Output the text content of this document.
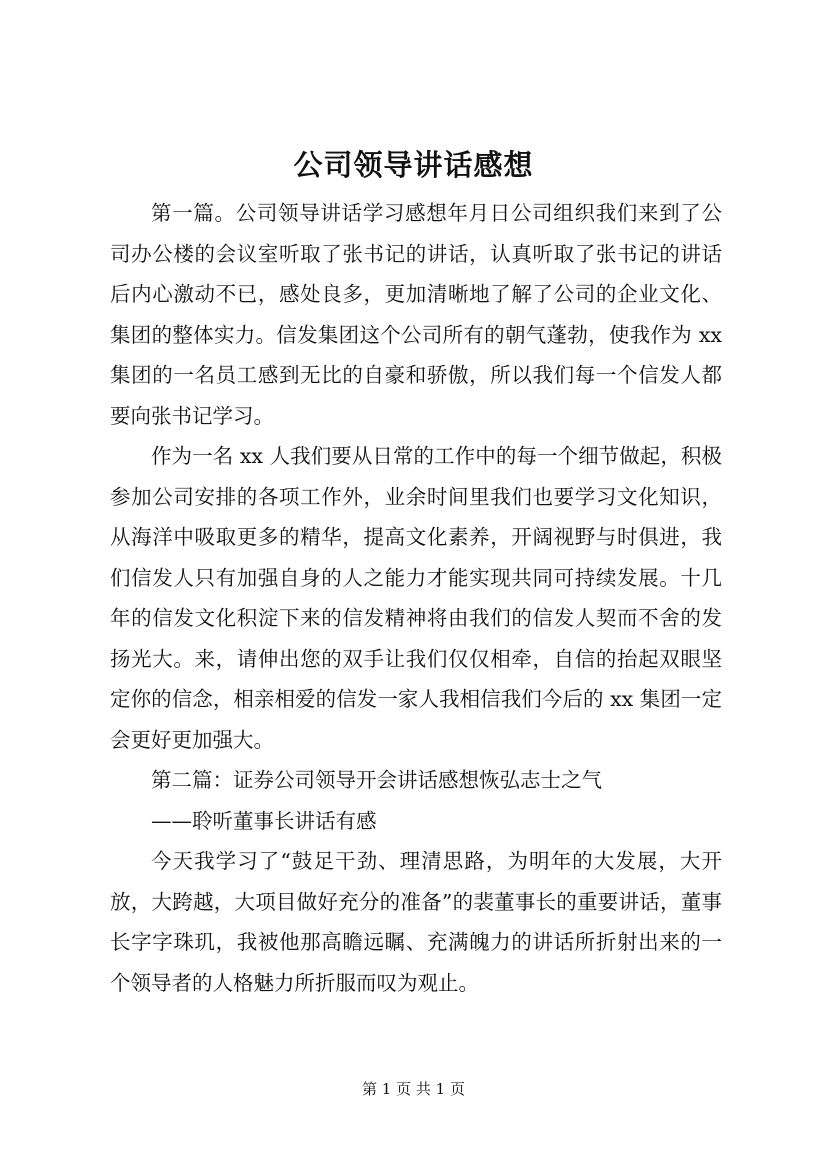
公司领导讲话感想

第一篇。公司领导讲话学习感想年月日公司组织我们来到了公司办公楼的会议室听取了张书记的讲话，认真听取了张书记的讲话后内心激动不已，感处良多，更加清晰地了解了公司的企业文化、集团的整体实力。信发集团这个公司所有的朝气蓬勃，使我作为 xx 集团的一名员工感到无比的自豪和骄傲，所以我们每一个信发人都要向张书记学习。

作为一名 xx 人我们要从日常的工作中的每一个细节做起，积极参加公司安排的各项工作外，业余时间里我们也要学习文化知识，从海洋中吸取更多的精华，提高文化素养，开阔视野与时俱进，我们信发人只有加强自身的人之能力才能实现共同可持续发展。十几年的信发文化积淀下来的信发精神将由我们的信发人契而不舍的发扬光大。来，请伸出您的双手让我们仅仅相牵，自信的抬起双眼坚定你的信念，相亲相爱的信发一家人我相信我们今后的 xx 集团一定会更好更加强大。

第二篇：证券公司领导开会讲话感想恢弘志士之气

——聆听董事长讲话有感

今天我学习了“鼓足干劲、理清思路，为明年的大发展，大开放，大跨越，大项目做好充分的准备”的裴董事长的重要讲话，董事长字字珠玑，我被他那高瞻远瞩、充满魄力的讲话所折射出来的一个领导者的人格魅力所折服而叹为观止。

第 1 页 共 1 页
